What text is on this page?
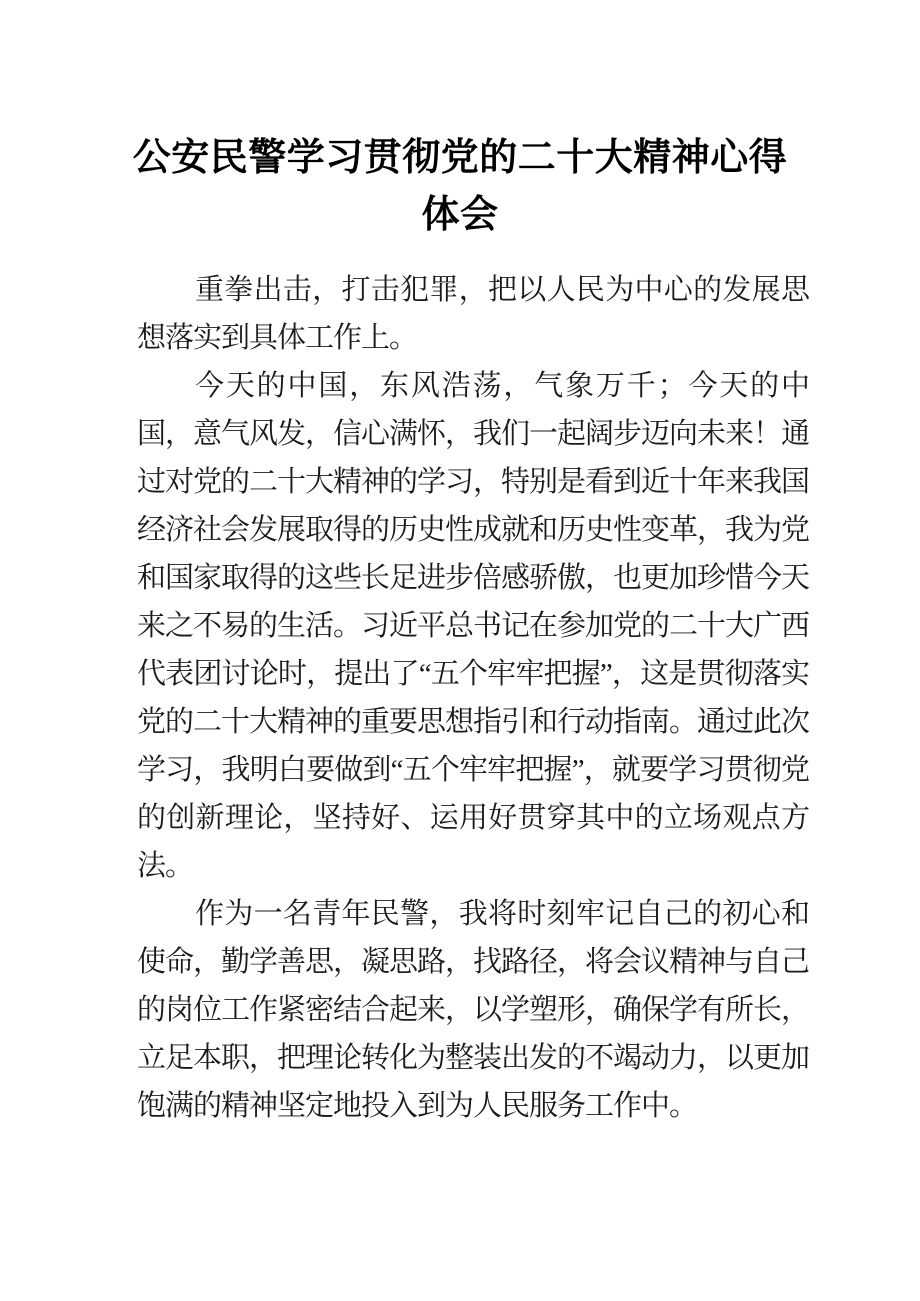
公安民警学习贯彻党的二十大精神心得体会

重拳出击，打击犯罪，把以人民为中心的发展思想落实到具体工作上。

今天的中国，东风浩荡，气象万千；今天的中国，意气风发，信心满怀，我们一起阔步迈向未来！通过对党的二十大精神的学习，特别是看到近十年来我国经济社会发展取得的历史性成就和历史性变革，我为党和国家取得的这些长足进步倍感骄傲，也更加珍惜今天来之不易的生活。习近平总书记在参加党的二十大广西代表团讨论时，提出了“五个牢牢把握”，这是贯彻落实党的二十大精神的重要思想指引和行动指南。通过此次学习，我明白要做到“五个牢牢把握”，就要学习贯彻党的创新理论，坚持好、运用好贯穿其中的立场观点方法。

作为一名青年民警，我将时刻牢记自己的初心和使命，勤学善思，凝思路，找路径，将会议精神与自己的岗位工作紧密结合起来，以学塑形，确保学有所长，立足本职，把理论转化为整装出发的不竭动力，以更加饱满的精神坚定地投入到为人民服务工作中。
